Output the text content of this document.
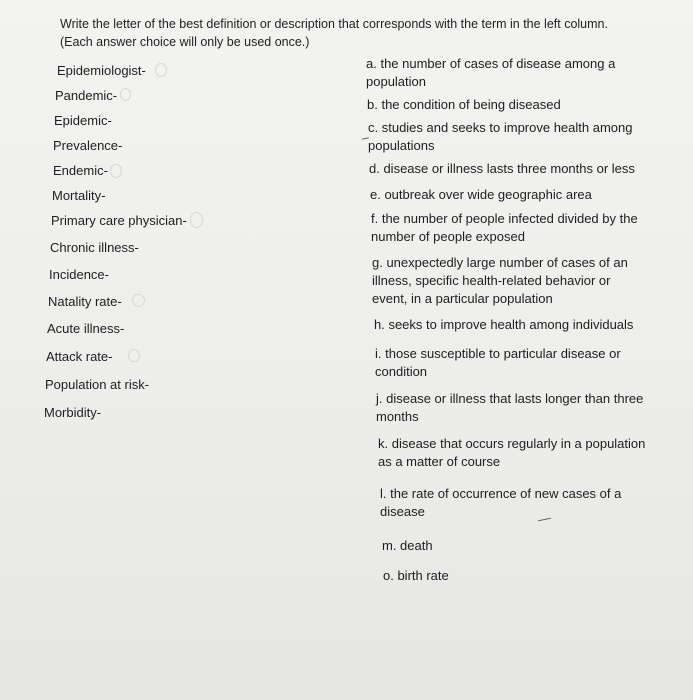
Write the letter of the best definition or description that corresponds with the term in the left column.
(Each answer choice will only be used once.)
Epidemiologist-
Pandemic-
Epidemic-
Prevalence-
Endemic-
Mortality-
Primary care physician-
Chronic illness-
Incidence-
Natality rate-
Acute illness-
Attack rate-
Population at risk-
Morbidity-
a. the number of cases of disease among a
population
b. the condition of being diseased
c. studies and seeks to improve health among
populations
d. disease or illness lasts three months or less
e. outbreak over wide geographic area
f. the number of people infected divided by the
number of people exposed
g. unexpectedly large number of cases of an
illness, specific health-related behavior or
event, in a particular population
h. seeks to improve health among individuals
i. those susceptible to particular disease or
condition
j. disease or illness that lasts longer than three
months
k. disease that occurs regularly in a population
as a matter of course
l. the rate of occurrence of new cases of a
disease
m. death
o. birth rate
